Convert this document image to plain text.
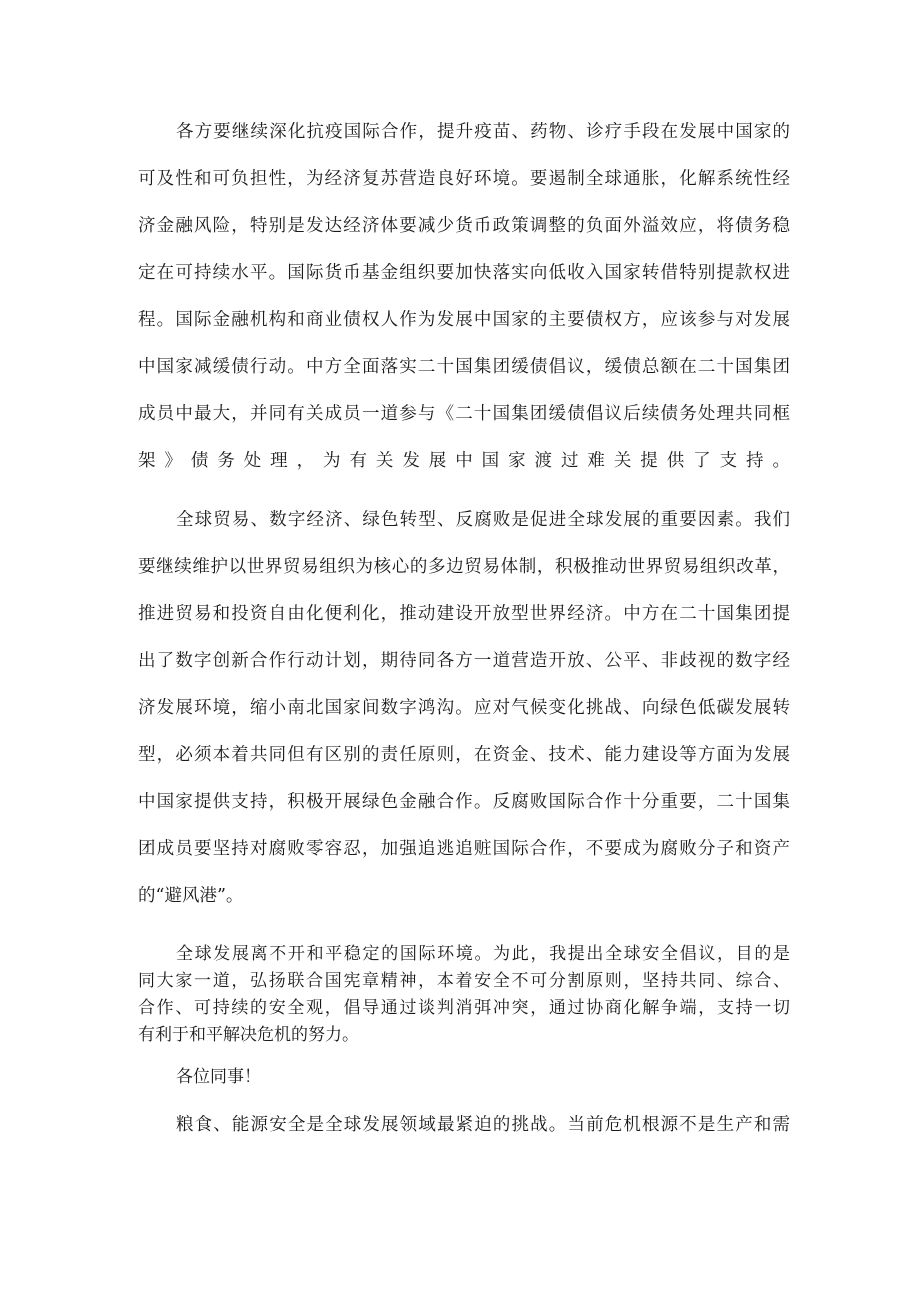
各方要继续深化抗疫国际合作，提升疫苗、药物、诊疗手段在发展中国家的
可及性和可负担性，为经济复苏营造良好环境。要遏制全球通胀，化解系统性经
济金融风险，特别是发达经济体要减少货币政策调整的负面外溢效应，将债务稳
定在可持续水平。国际货币基金组织要加快落实向低收入国家转借特别提款权进
程。国际金融机构和商业债权人作为发展中国家的主要债权方，应该参与对发展
中国家减缓债行动。中方全面落实二十国集团缓债倡议，缓债总额在二十国集团
成员中最大，并同有关成员一道参与《二十国集团缓债倡议后续债务处理共同框
架》债务处理，为有关发展中国家渡过难关提供了支持。
全球贸易、数字经济、绿色转型、反腐败是促进全球发展的重要因素。我们
要继续维护以世界贸易组织为核心的多边贸易体制，积极推动世界贸易组织改革，
推进贸易和投资自由化便利化，推动建设开放型世界经济。中方在二十国集团提
出了数字创新合作行动计划，期待同各方一道营造开放、公平、非歧视的数字经
济发展环境，缩小南北国家间数字鸿沟。应对气候变化挑战、向绿色低碳发展转
型，必须本着共同但有区别的责任原则，在资金、技术、能力建设等方面为发展
中国家提供支持，积极开展绿色金融合作。反腐败国际合作十分重要，二十国集
团成员要坚持对腐败零容忍，加强追逃追赃国际合作，不要成为腐败分子和资产
的“避风港”。
全球发展离不开和平稳定的国际环境。为此，我提出全球安全倡议，目的是
同大家一道，弘扬联合国宪章精神，本着安全不可分割原则，坚持共同、综合、
合作、可持续的安全观，倡导通过谈判消弭冲突，通过协商化解争端，支持一切
有利于和平解决危机的努力。
各位同事！
粮食、能源安全是全球发展领域最紧迫的挑战。当前危机根源不是生产和需
